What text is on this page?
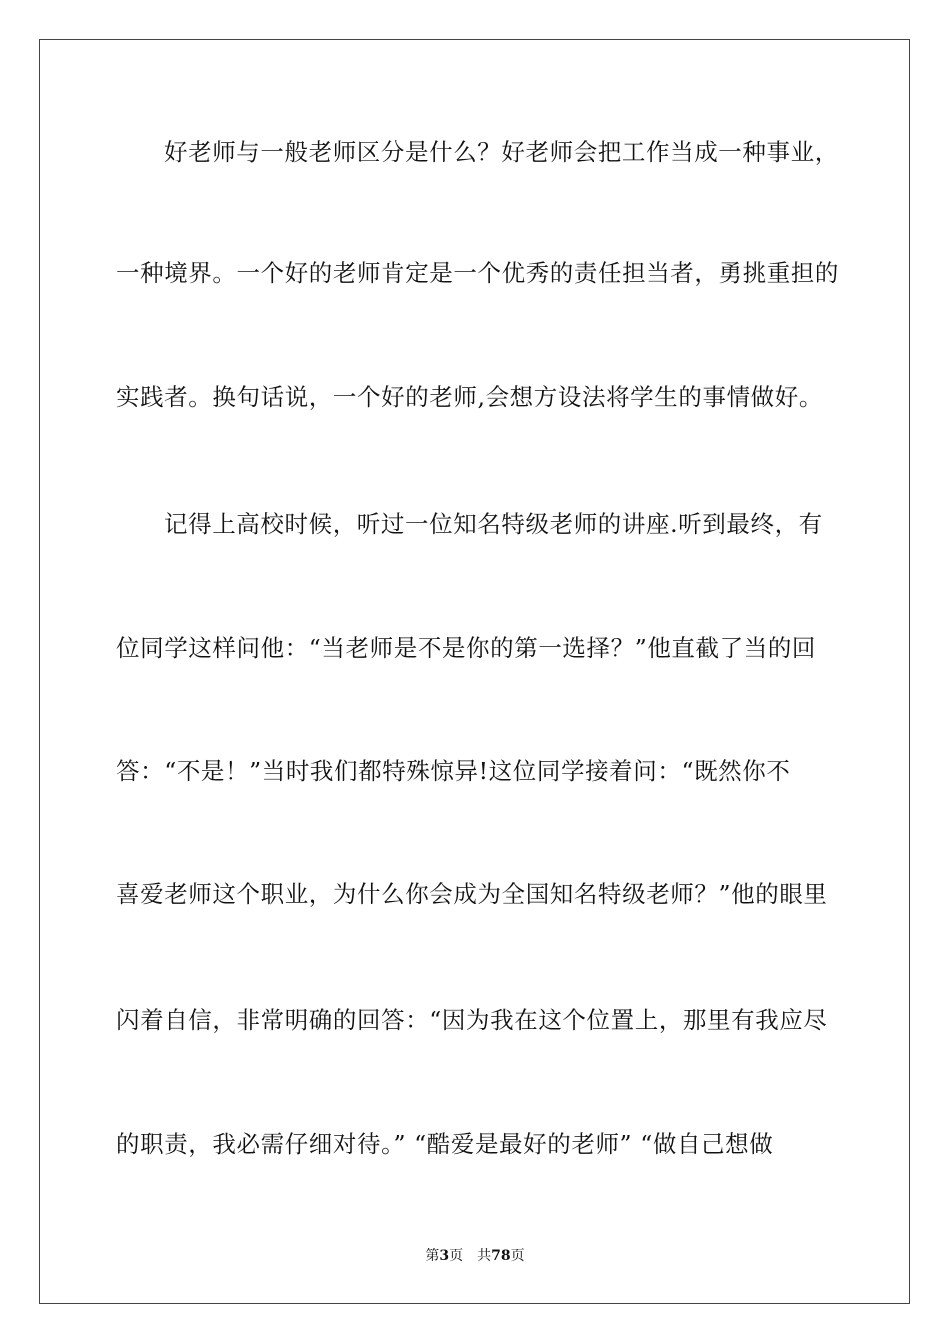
好老师与一般老师区分是什么？好老师会把工作当成一种事业，
一种境界。一个好的老师肯定是一个优秀的责任担当者，勇挑重担的
实践者。换句话说，一个好的老师,会想方设法将学生的事情做好。
记得上高校时候，听过一位知名特级老师的讲座.听到最终，有
位同学这样问他：“当老师是不是你的第一选择？”他直截了当的回
答：“不是！”当时我们都特殊惊异!这位同学接着问：“既然你不
喜爱老师这个职业，为什么你会成为全国知名特级老师？”他的眼里
闪着自信，非常明确的回答：“因为我在这个位置上，那里有我应尽
的职责，我必需仔细对待。” “酷爱是最好的老师” “做自己想做
第3页 共78页
